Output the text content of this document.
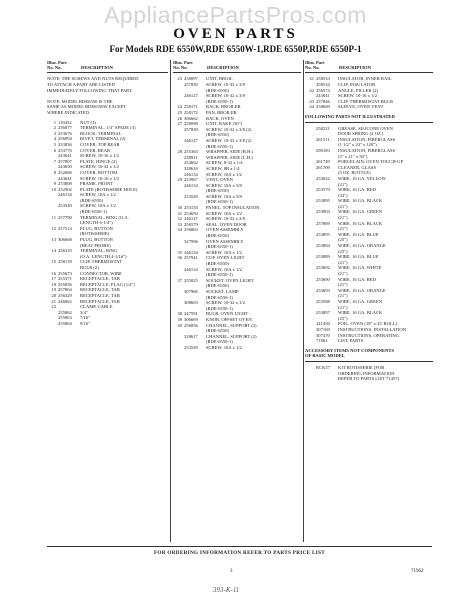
AppliancePartsPros.com
OVEN PARTS
For Models RDE 6550W,RDE 6550W-1,RDE 6550P,RDE 6550P-1
Illus. Part
No. No.	DESCRIPTION
NOTE: THE SCREWS AND NUTS REQUIRED
TO ATTACH A PART ARE LISTED
IMMEDIATELY FOLLOWING THAT PART.
NOTE: MODEL RDE6550 IS THE
SAME AS MODEL RDE6550W EXCEPT
WHERE INDICATED.
1 119432	NUT (3)
2 256077	TERMINAL, 1/4" SPADE (3)
3 253676	BLOCK, TERMINAL
4 256094	RIVET, TERMINAL (2)
5 253836	COVER, TOP REAR
6 253776	COVER, REAR
243641	SCREW, 10-16 x 1/2
7 257807	PLATE, HINGE (2)
243650	SCREW, 10-32 x 1/2
8 252686	COVER, BOTTOM
243641	SCREW, 10-16 x 1/2
9 253808	FRAME, FRONT
10 252902	PLATE (ROTISSERIE HOLE)
246134	SCREW, 10A x 1/2
(RDE-6550)
253540	SCREW, 10A x 1/2
(RDE-6550-1)
11 257790	TERMINAL, RING (O.A.
LENGTH 6-1/4")
12 257514	PLUG, BUTTON
(ROTISSERIE)
13 306668	PLUG, BUTTON
(HEAT PROBE)
14 256310	TERMINAL, RING
(O.A. LENGTH 4-1/16")
15 258139	CLIP, THERMOSTAT
BULB (2)
16 255673	CONNECTOR, WIRE
17 255371	RECEPTACLE, TAB
18 255856	RECEPTACLE, FLAG (1/4")
19 257864	RECEPTACLE, TAB
20 256329	RECEPTACLE, TAB
21 246862	RECEPTACLE, TAB
22	CLAMP, CABLE
255862	3/4"
255863	7/16"
255864	9/16"
Illus. Part
No. No.	DESCRIPTION
23 258097	UNIT, BROIL
257830	SCREW, 10-32 x 3/8
(RDE-6550)
246127	SCREW, 10-32 x 3/8
(RDE-6550-1)
24 258171	RACK, BROILER
25 258172	PAN, BROILER
26 306662	RACK, OVEN
27 258098	UNIT, BAKE (30")
257830	SCREW, 10-32 x 3/8 (2)
(RDE-6550)
246127	SCREW, 10-32 x 3/8 (2)
(RDE-6550-1)
28 255363	WRAPPER, SIDE (R.H.)
238911	WRAPPER, SIDE (L.H.)
254662	SCREW, 8-32 x 1/4
328616	SCREW, 8B x 1/4
246134	SCREW, 10A x 1/2
29 253967	VENT, OVEN
246134	SCREW, 10A x 5/8
(RDE-6550)
253549	SCREW, 10A x 5/8
(RDE-6550-1)
30 253155	PANEL, TOP INSULATION
31 254650	SCREW, 10A x 1/2
32 246127	SCREW, 10-32 x 3/8
33 256579	SEAL, OVEN DOOR
34 256863	OVEN ASSEMBLY
(RDE-6550)
327996	OVEN ASSEMBLY
(RDE-6550-1)
35 246134	SCREW, 10A x 1/2
36 257941	CUP, OVEN LIGHT
(RDE-6550)
246134	SCREW, 10A x 1/2
(RDE-6550-1)
37 255825	SOCKET, OVEN LIGHT
(RDE-6550)
307966	SOCKET, LAMP
(RDE-6550-1)
308603	SCREW, 10-32 x 1/2
(RDE-6550-1)
38 247591	BULB, OVEN LIGHT
39 306669	KNOB, OFFSET OVEN
40 256856	CHANNEL, SUPPORT (2)
(RDE-6550)
328617	CHANNEL, SUPPORT (2)
(RDE-6550-1)
253549	SCREW, 10A x 1/2
Illus. Part
No. No.	DESCRIPTION
41 258533	INSULATOR, INNER RAIL
258534	CLIP, INSULATOR
42 256574	ANGLE, FILLER (2)
243641	SCREW, 10-16 x 1/2
43 257846	CLIP, THERMOSTAT BULB
44 258669	SLEEVE, OVEN VENT
FOLLOWING PARTS NOT ILLUSTRATED
258221	GREASE, SILICONE OVEN
DOOR SPRING (2 OZ.)
261511	INSULATION, FIBERGLASS
(1 1/2" x 24" x 120")
290183	INSULATION, FIBERGLASS
(3" x 21" x 50")
261749	PORCELAIN, OVEN TOUCH-UP
261709	CLEANER, GLASS
(5 OZ. BOTTLE)
253022	WIRE, 16 GA. YELLOW
(21")
253570	WIRE, 16 GA. RED
(32")
253895	WIRE, 16 GA. BLACK
(21")
253903	WIRE, 16 GA. GREEN
(21")
257869	WIRE, 16 GA. BLACK
(21")
253895	WIRE, 16 GA. BLUE
(25")
253894	WIRE, 16 GA. ORANGE
(25")
253889	WIRE, 16 GA. BLUE
(21")
253692	WIRE, 16 GA. WHITE
(21")
253690	WIRE, 16 GA. RED
(21")
253693	WIRE, 16 GA. ORANGE
(21")
253588	WIRE, 16 GA. GREEN
(21")
253897	WIRE, 16 GA. BLACK
(25")
241450	FOIL, OVEN (18" x 25' ROLL)
307169	INSTRUCTIONS, INSTALLATION
307470	INSTRUCTIONS, OPERATING
71962	LIST, PARTS
ACCESSORY ITEMS NOT COMPONENTS
OF BASIC MODEL
RCK57	KIT ROTISSERIE (FOR
ORDERING INFORMATION
REFER TO PARTS LIST 71457)
FOR ORDERING INFORMATION REFER TO PARTS PRICE LIST
3	71962
393-K-11
